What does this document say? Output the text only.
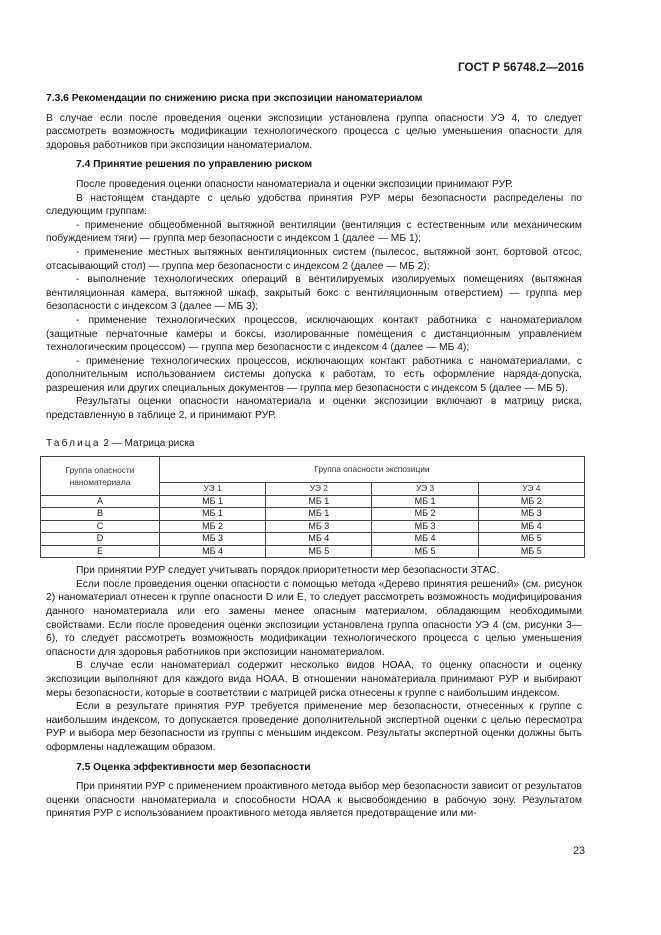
ГОСТ Р 56748.2—2016

7.3.6 Рекомендации по снижению риска при экспозиции наноматериалом

В случае если после проведения оценки экспозиции установлена группа опасности УЭ 4, то следует рассмотреть возможность модификации технологического процесса с целью уменьшения опасности для здоровья работников при экспозиции наноматериалом.

7.4 Принятие решения по управлению риском

После проведения оценки опасности наноматериала и оценки экспозиции принимают РУР.

В настоящем стандарте с целью удобства принятия РУР меры безопасности распределены по следующим группам:

- применение общеобменной вытяжной вентиляции (вентиляция с естественным или механическим побуждением тяги) — группа мер безопасности с индексом 1 (далее — МБ 1);

- применение местных вытяжных вентиляционных систем (пылесос, вытяжной зонт, бортовой отсос, отсасывающий стол) — группа мер безопасности с индексом 2 (далее — МБ 2);

- выполнение технологических операций в вентилируемых изолируемых помещениях (вытяжная вентиляционная камера, вытяжной шкаф, закрытый бокс с вентиляционным отверстием) — группа мер безопасности с индексом 3 (далее — МБ 3);

- применение технологических процессов, исключающих контакт работника с наноматериалом (защитные перчаточные камеры и боксы, изолированные помещения с дистанционным управлением технологическим процессом) — группа мер безопасности с индексом 4 (далее — МБ 4);

- применение технологических процессов, исключающих контакт работника с наноматериалами, с дополнительным использованием системы допуска к работам, то есть оформление наряда-допуска, разрешения или других специальных документов — группа мер безопасности с индексом 5 (далее — МБ 5).

Результаты оценки опасности наноматериала и оценки экспозиции включают в матрицу риска, представленную в таблице 2, и принимают РУР.

Таблица 2 — Матрица риска

Группа опасности наноматериала	Группа опасности экспозиции			
	УЭ 1	УЭ 2	УЭ 3	УЭ 4
A	МБ 1	МБ 1	МБ 1	МБ 2
B	МБ 1	МБ 1	МБ 2	МБ 3
C	МБ 2	МБ 3	МБ 3	МБ 4
D	МБ 3	МБ 4	МБ 4	МБ 5
E	МБ 4	МБ 5	МБ 5	МБ 5

При принятии РУР следует учитывать порядок приоритетности мер безопасности ЗТАС.

Если после проведения оценки опасности с помощью метода «Дерево принятия решений» (см. рисунок 2) наноматериал отнесен к группе опасности D или E, то следует рассмотреть возможность модифицирования данного наноматериала или его замены менее опасным материалом, обладающим необходимыми свойствами. Если после проведения оценки экспозиции установлена группа опасности УЭ 4 (см. рисунки 3—6), то следует рассмотреть возможность модификации технологического процесса с целью уменьшения опасности для здоровья работников при экспозиции наноматериалом.

В случае если наноматериал содержит несколько видов НОАА, то оценку опасности и оценку экспозиции выполняют для каждого вида НОАА. В отношении наноматериала принимают РУР и выбирают меры безопасности, которые в соответствии с матрицей риска отнесены к группе с наибольшим индексом.

Если в результате принятия РУР требуется применение мер безопасности, отнесенных к группе с наибольшим индексом, то допускается проведение дополнительной экспертной оценки с целью пересмотра РУР и выбора мер безопасности из группы с меньшим индексом. Результаты экспертной оценки должны быть оформлены надлежащим образом.

7.5 Оценка эффективности мер безопасности

При принятии РУР с применением проактивного метода выбор мер безопасности зависит от результатов оценки опасности наноматериала и способности НОАА к высвобождению в рабочую зону. Результатом принятия РУР с использованием проактивного метода является предотвращение или ми-

23
